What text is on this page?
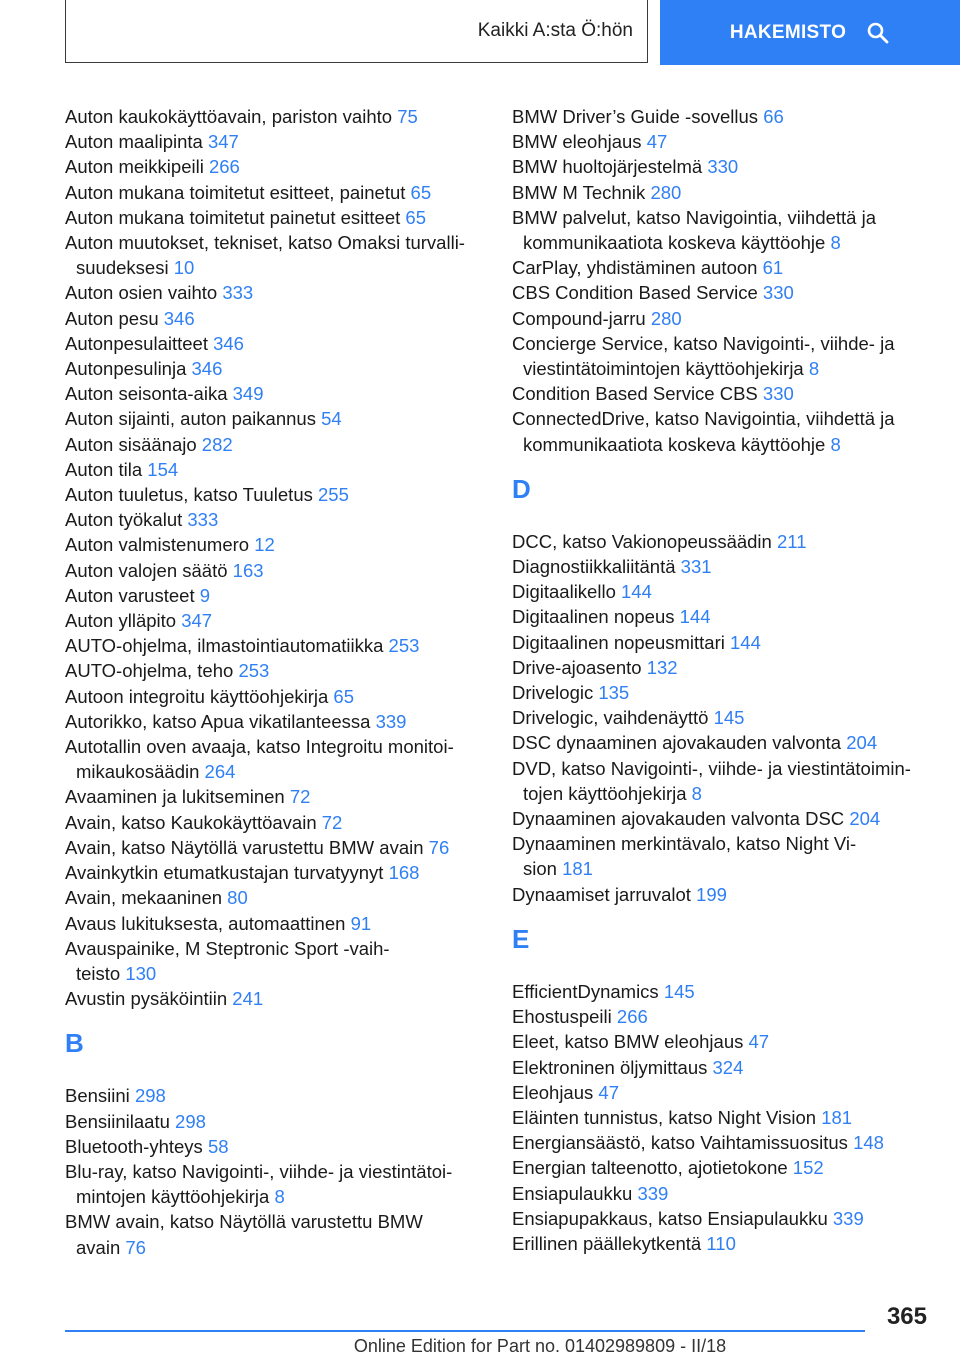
Kaikki A:sta Ö:hön	HAKEMISTO
Auton kaukokäyttöavain, pariston vaihto 75
Auton maalipinta 347
Auton meikkipeili 266
Auton mukana toimitetut esitteet, painetut 65
Auton mukana toimitetut painetut esitteet 65
Auton muutokset, tekniset, katso Omaksi turvalli-
suudeksesi 10
Auton osien vaihto 333
Auton pesu 346
Autonpesulaitteet 346
Autonpesulinja 346
Auton seisonta-aika 349
Auton sijainti, auton paikannus 54
Auton sisäänajo 282
Auton tila 154
Auton tuuletus, katso Tuuletus 255
Auton työkalut 333
Auton valmistenumero 12
Auton valojen säätö 163
Auton varusteet 9
Auton ylläpito 347
AUTO-ohjelma, ilmastointiautomatiikka 253
AUTO-ohjelma, teho 253
Autoon integroitu käyttöohjekirja 65
Autorikko, katso Apua vikatilanteessa 339
Autotallin oven avaaja, katso Integroitu monitoi-
mikaukosäädin 264
Avaaminen ja lukitseminen 72
Avain, katso Kaukokäyttöavain 72
Avain, katso Näytöllä varustettu BMW avain 76
Avainkytkin etumatkustajan turvatyynyt 168
Avain, mekaaninen 80
Avaus lukituksesta, automaattinen 91
Avauspainike, M Steptronic Sport -vaih-
teisto 130
Avustin pysäköintiin 241
B
Bensiini 298
Bensiinilaatu 298
Bluetooth-yhteys 58
Blu-ray, katso Navigointi-, viihde- ja viestintätoi-
mintojen käyttöohjekirja 8
BMW avain, katso Näytöllä varustettu BMW
avain 76
BMW Driver’s Guide -sovellus 66
BMW eleohjaus 47
BMW huoltojärjestelmä 330
BMW M Technik 280
BMW palvelut, katso Navigointia, viihdettä ja
kommunikaatiota koskeva käyttöohje 8
CarPlay, yhdistäminen autoon 61
CBS Condition Based Service 330
Compound-jarru 280
Concierge Service, katso Navigointi-, viihde- ja
viestintätoimintojen käyttöohjekirja 8
Condition Based Service CBS 330
ConnectedDrive, katso Navigointia, viihdettä ja
kommunikaatiota koskeva käyttöohje 8
D
DCC, katso Vakionopeussäädin 211
Diagnostiikkaliitäntä 331
Digitaalikello 144
Digitaalinen nopeus 144
Digitaalinen nopeusmittari 144
Drive-ajoasento 132
Drivelogic 135
Drivelogic, vaihdenäyttö 145
DSC dynaaminen ajovakauden valvonta 204
DVD, katso Navigointi-, viihde- ja viestintätoimin-
tojen käyttöohjekirja 8
Dynaaminen ajovakauden valvonta DSC 204
Dynaaminen merkintävalo, katso Night Vi-
sion 181
Dynaamiset jarruvalot 199
E
EfficientDynamics 145
Ehostuspeili 266
Eleet, katso BMW eleohjaus 47
Elektroninen öljymittaus 324
Eleohjaus 47
Eläinten tunnistus, katso Night Vision 181
Energiansäästö, katso Vaihtamissuositus 148
Energian talteenotto, ajotietokone 152
Ensiapulaukku 339
Ensiapupakkaus, katso Ensiapulaukku 339
Erillinen päällekytkentä 110
365
Online Edition for Part no. 01402989809 - II/18
